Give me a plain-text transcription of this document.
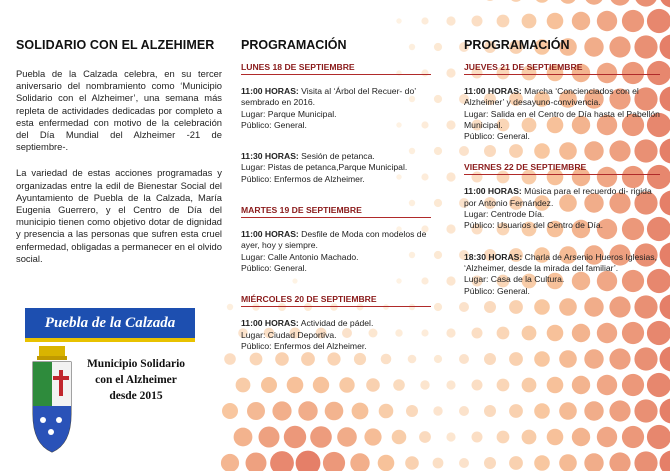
SOLIDARIO CON EL ALZEHIMER

Puebla de la Calzada celebra, en su tercer aniversario del nombramiento como ‘Municipio Solidario con el Alzheimer’, una semana más repleta de actividades dedicadas por completo a esta enfermedad con motivo de la celebración del Día Mundial del Alzheimer -21 de septiembre-.

La variedad de estas acciones programadas y organizadas entre la edil de Bienestar Social del Ayuntamiento de Puebla de la Calzada, María Eugenia Guerrero, y el Centro de Día del municipio tienen como objetivo dotar de dignidad y presencia a las personas que sufren esta cruel enfermedad, obligadas a permanecer en el olvido social.

Puebla de la Calzada
Municipio Solidario
con el Alzheimer
desde 2015
PROGRAMACIÓN
LUNES 18 DE SEPTIEMBRE
11:00 HORAS: Visita al ‘Árbol del Recuer- do’ sembrado en 2016.
Lugar: Parque Municipal.
Público: General.
11:30 HORAS: Sesión de petanca.
Lugar: Pistas de petanca,Parque Municipal.
Público: Enfermos de Alzheimer.
MARTES 19 DE SEPTIEMBRE
11:00 HORAS: Desfile de Moda con modelos de ayer, hoy y siempre.
Lugar: Calle Antonio Machado.
Público: General.
MIÉRCOLES 20 DE SEPTIEMBRE
11:00 HORAS: Actividad de pádel.
Lugar: Ciudad Deportiva.
Público: Enfermos del Alzheimer.
PROGRAMACIÓN
JUEVES 21 DE SEPTIEMBRE
11:00 HORAS: Marcha ‘Concienciados con el Alzheimer’ y desayuno-convivencia.
Lugar: Salida en el Centro de Día hasta el Pabellón Municipal.
Público: General.
VIERNES 22 DE SEPTIEMBRE
11:00 HORAS: Música para el recuerdo di- rigida por Antonio Fernández.
Lugar: Centrode Día.
Público: Usuarios del Centro de Día.
18:30 HORAS: Charla de Arsenio Hueros Iglesias, ‘Alzheimer, desde la mirada del familiar’.
Lugar: Casa de la Cultura.
Público: General.
